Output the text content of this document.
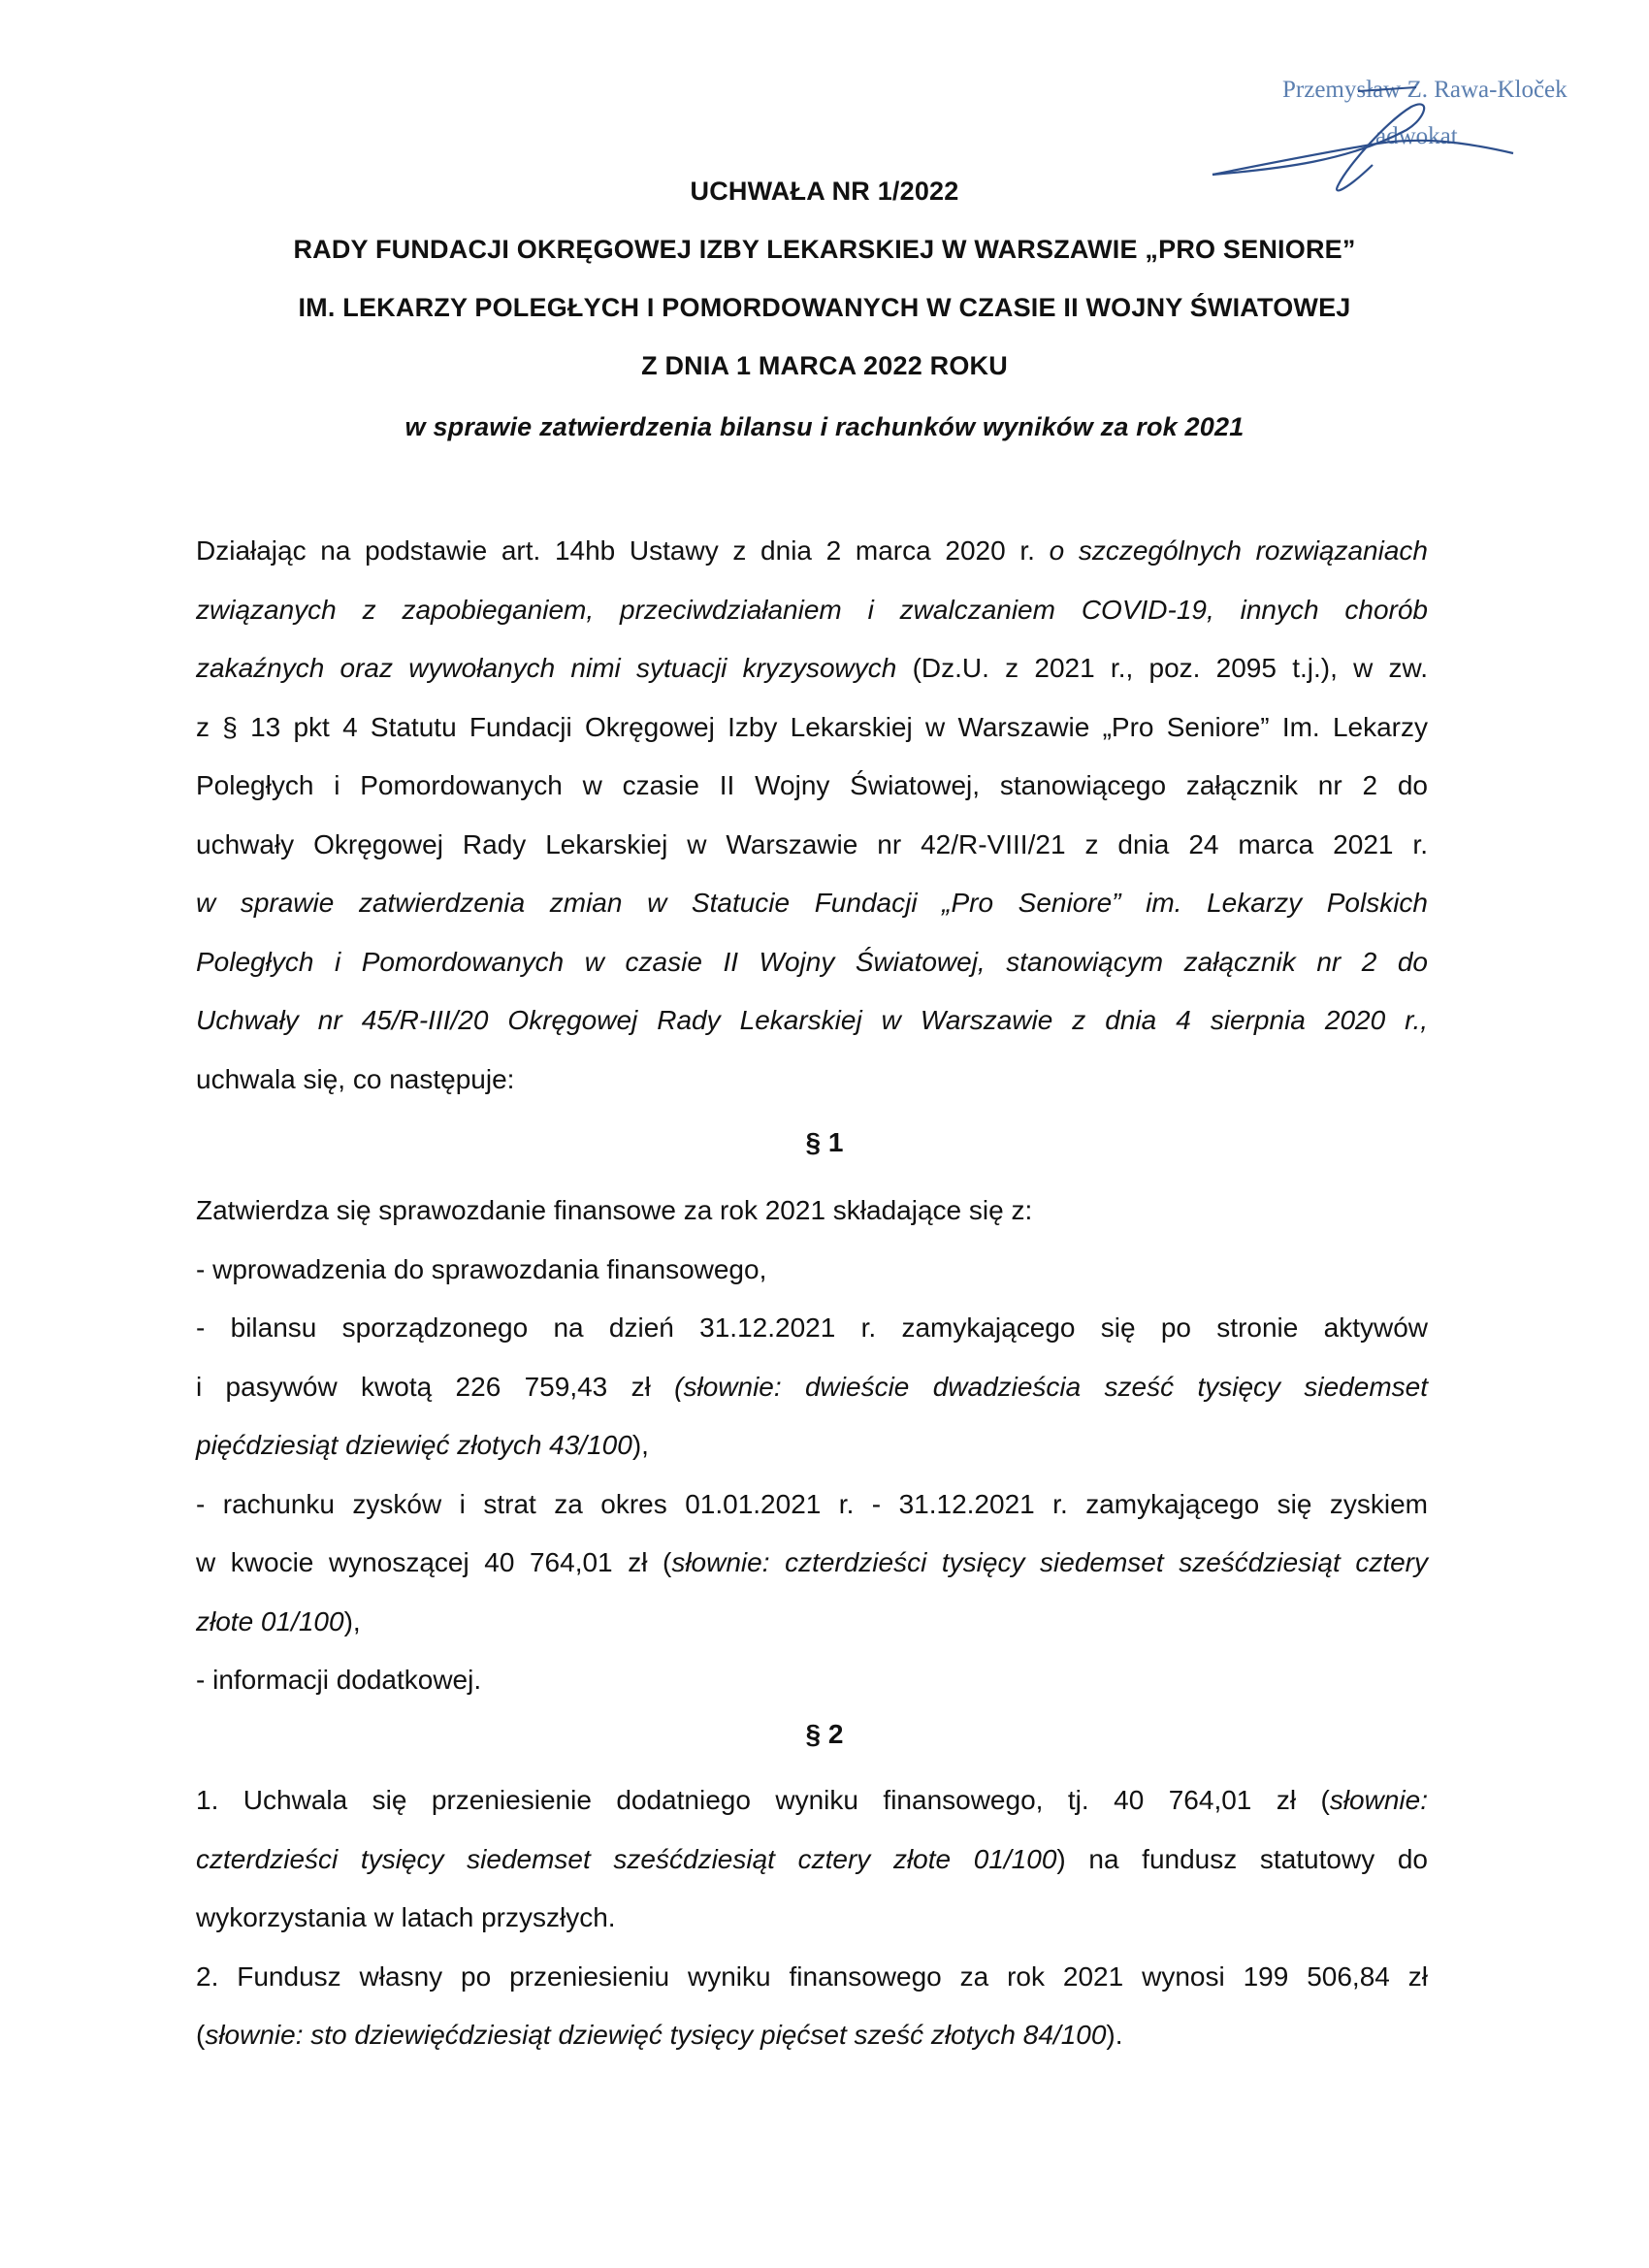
Przemysław Z. Rawa-Kloček
adwokat
UCHWAŁA NR 1/2022
RADY FUNDACJI OKRĘGOWEJ IZBY LEKARSKIEJ W WARSZAWIE „PRO SENIORE”
IM. LEKARZY POLEGŁYCH I POMORDOWANYCH W CZASIE II WOJNY ŚWIATOWEJ
Z DNIA 1 MARCA 2022 ROKU
w sprawie zatwierdzenia bilansu i rachunków wyników za rok 2021
Działając na podstawie art. 14hb Ustawy z dnia 2 marca 2020 r. o szczególnych rozwiązaniach
związanych z zapobieganiem, przeciwdziałaniem i zwalczaniem COVID-19, innych chorób
zakaźnych oraz wywołanych nimi sytuacji kryzysowych (Dz.U. z 2021 r., poz. 2095 t.j.), w zw.
z § 13 pkt 4 Statutu Fundacji Okręgowej Izby Lekarskiej w Warszawie „Pro Seniore” Im. Lekarzy
Poległych i Pomordowanych w czasie II Wojny Światowej, stanowiącego załącznik nr 2 do
uchwały Okręgowej Rady Lekarskiej w Warszawie nr 42/R-VIII/21 z dnia 24 marca 2021 r.
w sprawie zatwierdzenia zmian w Statucie Fundacji „Pro Seniore” im. Lekarzy Polskich
Poległych i Pomordowanych w czasie II Wojny Światowej, stanowiącym załącznik nr 2 do
Uchwały nr 45/R-III/20 Okręgowej Rady Lekarskiej w Warszawie z dnia 4 sierpnia 2020 r.,
uchwala się, co następuje:
§ 1
Zatwierdza się sprawozdanie finansowe za rok 2021 składające się z:
- wprowadzenia do sprawozdania finansowego,
- bilansu sporządzonego na dzień 31.12.2021 r. zamykającego się po stronie aktywów
i pasywów kwotą 226 759,43 zł (słownie: dwieście dwadzieścia sześć tysięcy siedemset
pięćdziesiąt dziewięć złotych 43/100),
- rachunku zysków i strat za okres 01.01.2021 r. - 31.12.2021 r. zamykającego się zyskiem
w kwocie wynoszącej 40 764,01 zł (słownie: czterdzieści tysięcy siedemset sześćdziesiąt cztery
złote 01/100),
- informacji dodatkowej.
§ 2
1. Uchwala się przeniesienie dodatniego wyniku finansowego, tj. 40 764,01 zł (słownie:
czterdzieści tysięcy siedemset sześćdziesiąt cztery złote 01/100) na fundusz statutowy do
wykorzystania w latach przyszłych.
2. Fundusz własny po przeniesieniu wyniku finansowego za rok 2021 wynosi 199 506,84 zł
(słownie: sto dziewięćdziesiąt dziewięć tysięcy pięćset sześć złotych 84/100).
